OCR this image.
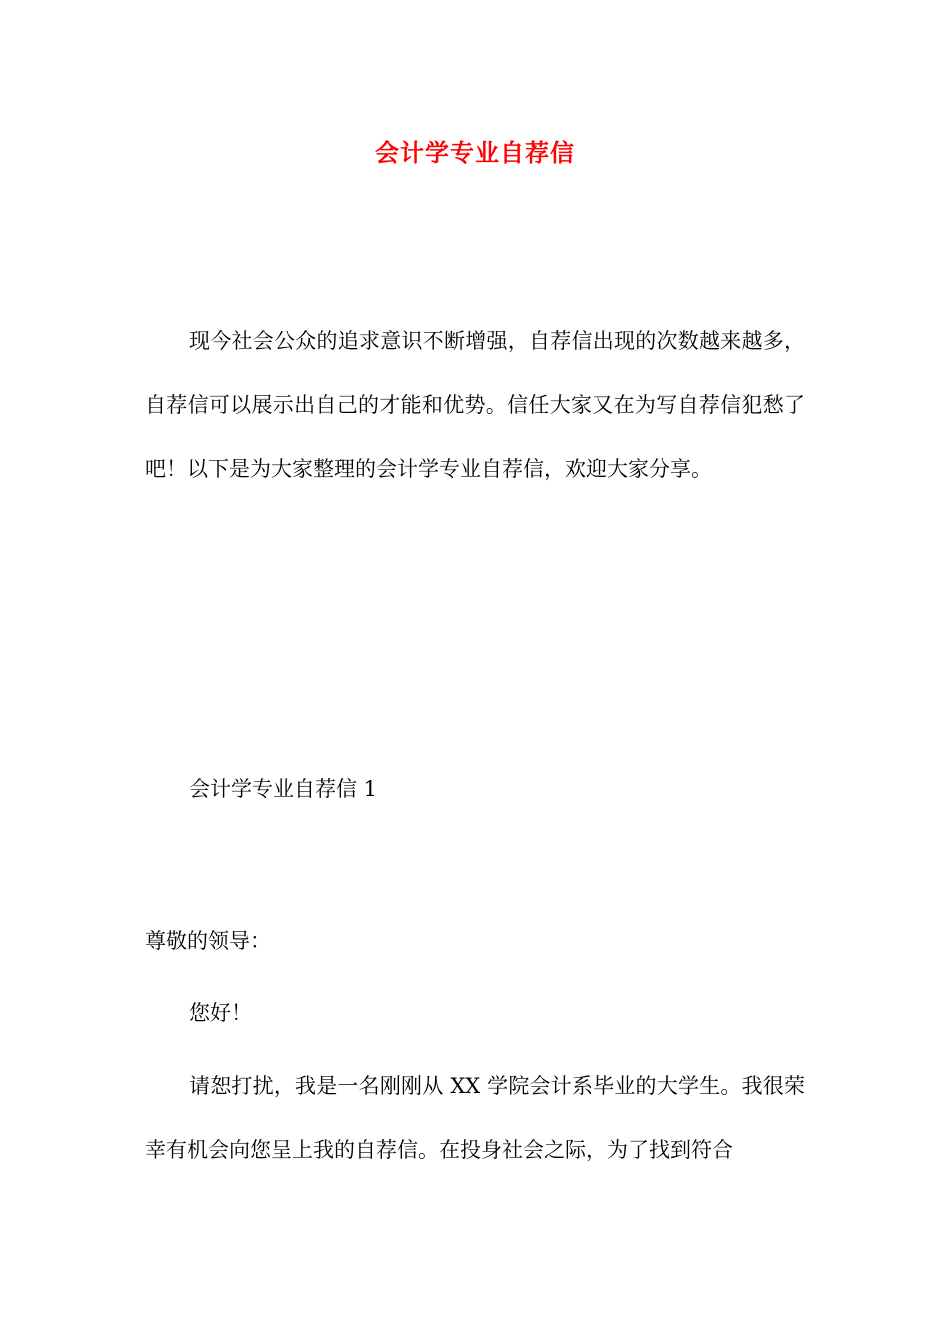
会计学专业自荐信

现今社会公众的追求意识不断增强，自荐信出现的次数越来越多，自荐信可以展示出自己的才能和优势。信任大家又在为写自荐信犯愁了吧！以下是为大家整理的会计学专业自荐信，欢迎大家分享。

会计学专业自荐信 1

尊敬的领导：

您好！

请恕打扰，我是一名刚刚从 XX 学院会计系毕业的大学生。我很荣幸有机会向您呈上我的自荐信。在投身社会之际，为了找到符合
